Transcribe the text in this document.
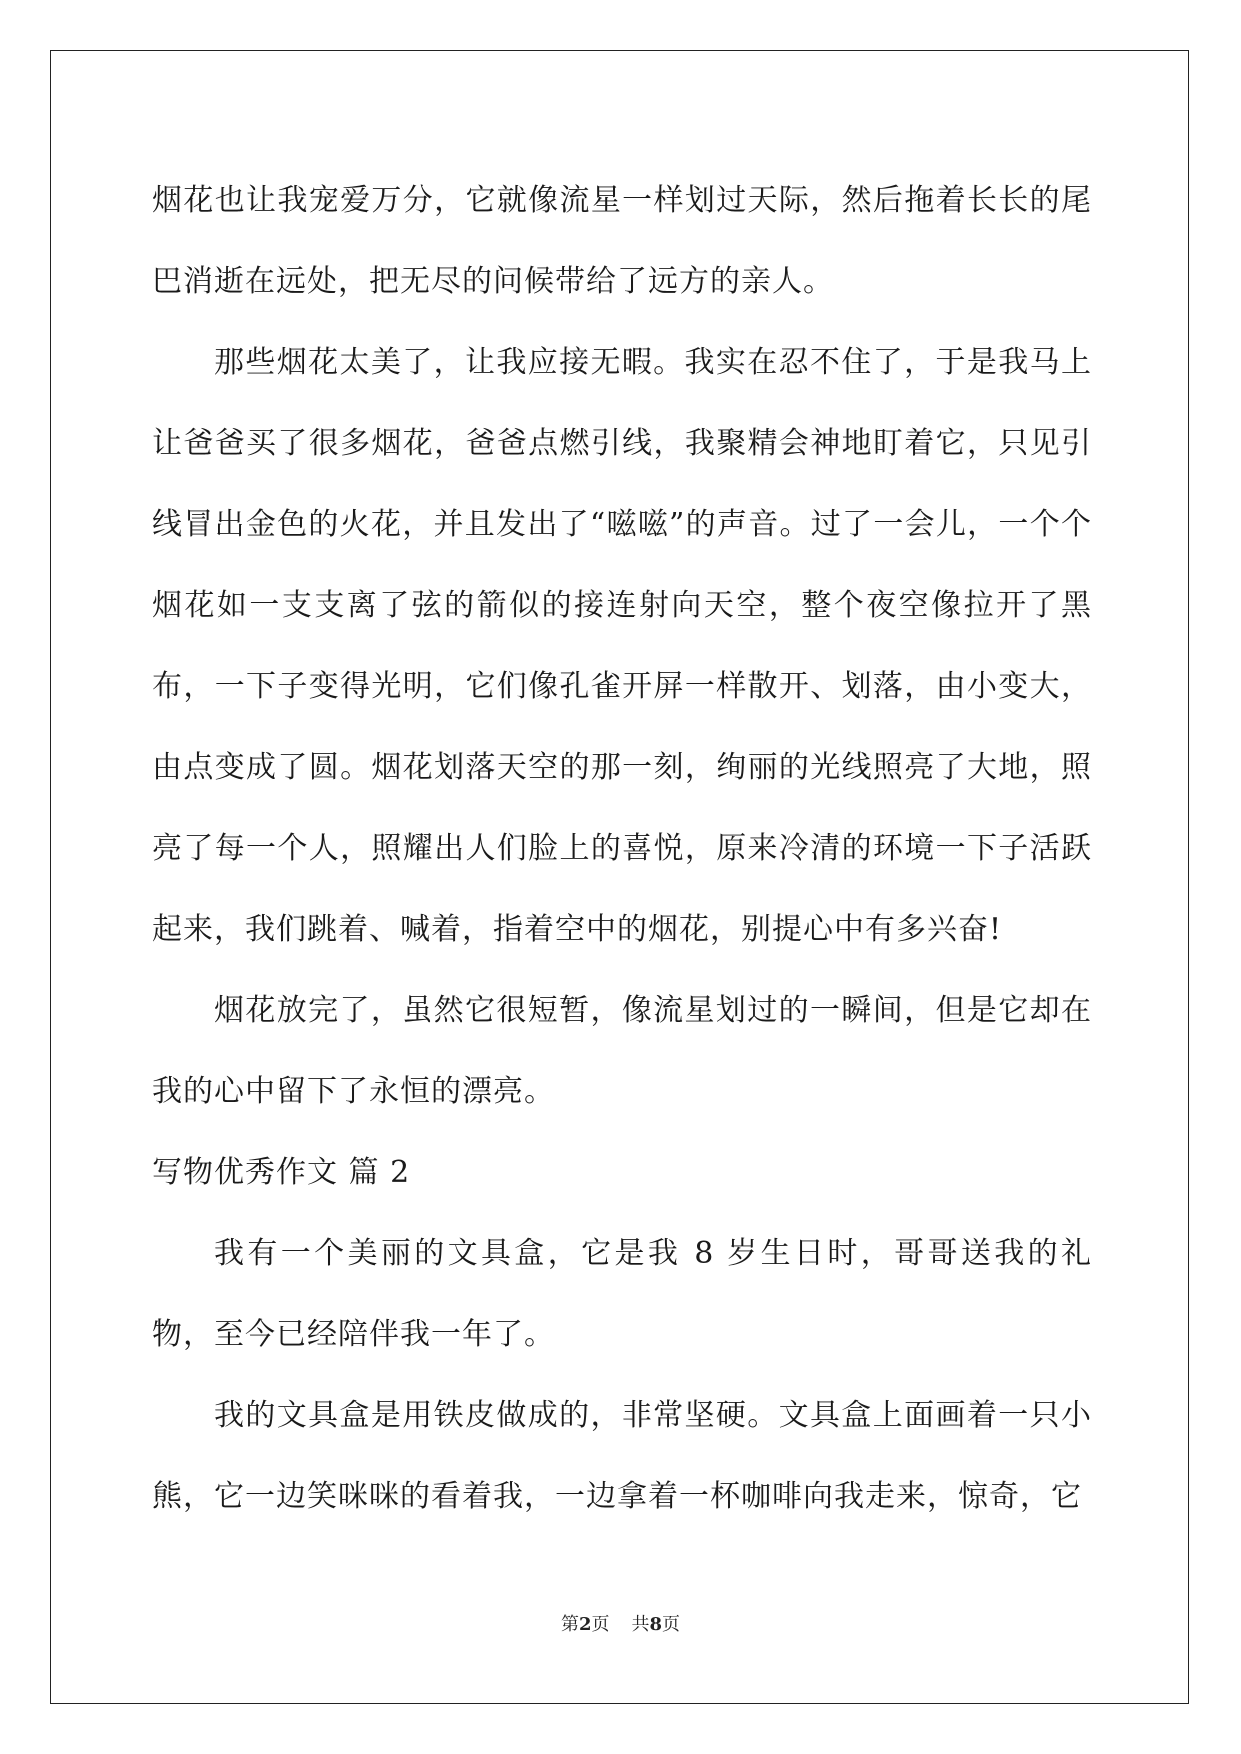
烟花也让我宠爱万分，它就像流星一样划过天际，然后拖着长长的尾巴消逝在远处，把无尽的问候带给了远方的亲人。

那些烟花太美了，让我应接无暇。我实在忍不住了，于是我马上让爸爸买了很多烟花，爸爸点燃引线，我聚精会神地盯着它，只见引线冒出金色的火花，并且发出了“嗞嗞”的声音。过了一会儿，一个个烟花如一支支离了弦的箭似的接连射向天空，整个夜空像拉开了黑布，一下子变得光明，它们像孔雀开屏一样散开、划落，由小变大，由点变成了圆。烟花划落天空的那一刻，绚丽的光线照亮了大地，照亮了每一个人，照耀出人们脸上的喜悦，原来冷清的环境一下子活跃起来，我们跳着、喊着，指着空中的烟花，别提心中有多兴奋!

烟花放完了，虽然它很短暂，像流星划过的一瞬间，但是它却在我的心中留下了永恒的漂亮。

写物优秀作文 篇 2

我有一个美丽的文具盒，它是我 8 岁生日时，哥哥送我的礼物，至今已经陪伴我一年了。

我的文具盒是用铁皮做成的，非常坚硬。文具盒上面画着一只小熊，它一边笑咪咪的看着我，一边拿着一杯咖啡向我走来，惊奇，它

第2页 共8页
